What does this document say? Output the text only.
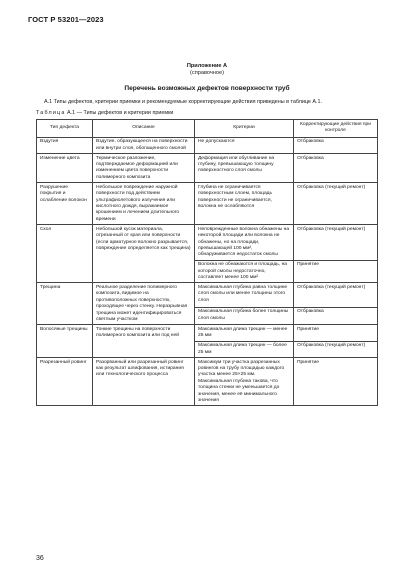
ГОСТ Р 53201—2023
Приложение А
(справочное)
Перечень возможных дефектов поверхности труб
А.1 Типы дефектов, критерии приемки и рекомендуемые корректирующие действия приведены в таблице А.1.
Таблица А.1 — Типы дефектов и критерии приемки
Тип дефекта	Описание	Критерии	Корректирующие действия при контроле
Вздутия	Вздутие, образующееся на поверхности или внутри слоя, обогащенного смолой	Не допускаются	Отбраковка
Изменение цвета	Термическое разложение, подтверждаемое деформацией или изменением цвета поверхности полимерного композита	Деформация или обугливание на глубину, превышающую толщину поверхностного слоя смолы	Отбраковка
Разрушение покрытия и ослабление волокон	Небольшое повреждение наружной поверхности под действием ультрафиолетового излучения или кислотного дождя, выражаемое крошением и лечением длительного времени	Глубина не ограничивается поверхностным слоем, площадь поверхности не ограничивается, волокна не ослабляются	Отбраковка (текущий ремонт)
Скол	Небольшой кусок материала, отрезанный от края или поверхности (если арматурное волокно разрывается, повреждение определяется как трещина)	Неповрежденные волокна обнажены на некоторой площади или волокна не обнажены, но на площади, превышающей 100 мм², обнаруживается недостаток смолы	Отбраковка (текущий ремонт)
		Волокна не обнажаются и площадь, на которой смолы недостаточно, составляет менее 100 мм²	Принятие
Трещина	Реальное разделение полимерного композита, видимое на противоположных поверхностях, проходящее через стенку. Неразрывная трещина может идентифицироваться светлым участком	Максимальная глубина равна толщине слоя смолы или менее толщины этого слоя	Отбраковка (текущий ремонт)
		Максимальная глубина более толщины слоя смолы	Отбраковка
Волосяные трещины	Тонкие трещины на поверхности полимерного композита или под ней	Максимальная длина трещин — менее 25 мм	Принятие
		Максимальная длина трещин — более 25 мм	Отбраковка (текущий ремонт)
Разрезанный ровинг	Разорванный или разрезанный ровинг как результат шлифования, истирания или технологического процесса	Максимум три участка разрезанных ровингов на трубу площадью каждого участка менее 25×25 мм. Максимальная глубина такова, что толщина стенки не уменьшается до значения, менее её минимального значения	Принятие
36
